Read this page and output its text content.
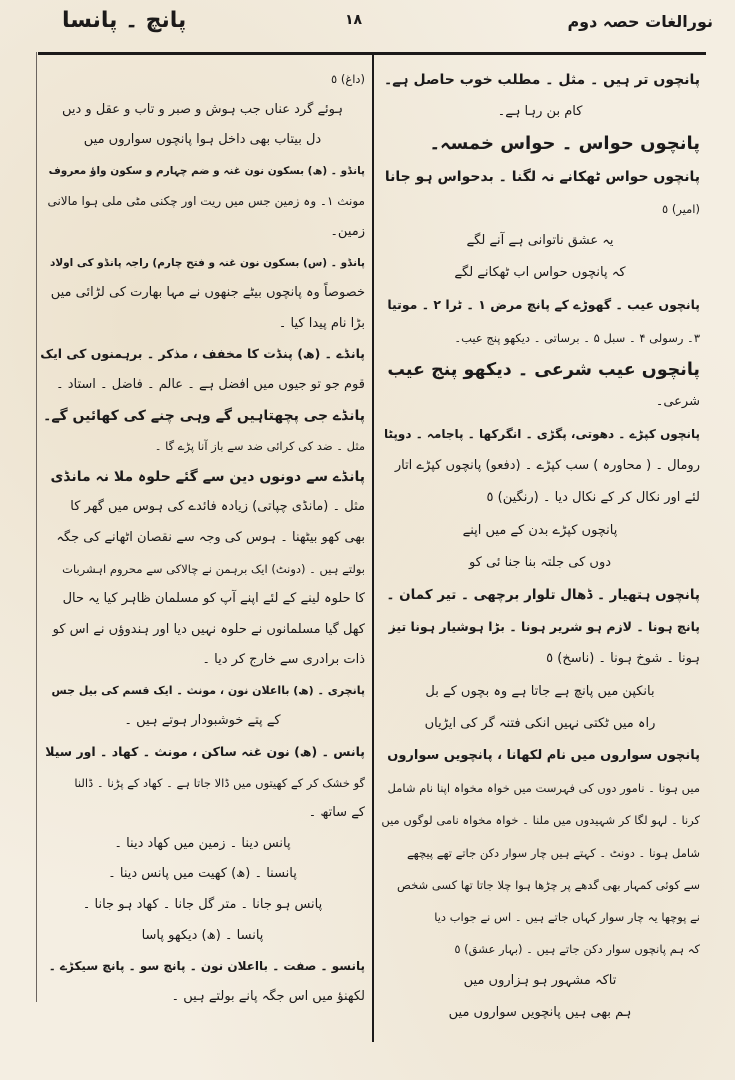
پانچ ۔ پانسا	۱۸	نورالغات حصہ دوم
پانچوں تر ہیں ۔ مثل ۔ مطلب خوب حاصل ہے۔
کام بن رہا ہے۔
پانچوں حواس ۔ حواس خمسہ۔
پانچوں حواس ٹھکانے نہ لگنا ۔ بدحواس ہو جانا
(امیر) ٥
یہ عشق ناتوانی ہے آنے لگے
کہ پانچوں حواس اب ٹھکانے لگے
پانچوں عیب ۔ گھوڑے کے پانچ مرض ۱ ۔ ٹرا ۲ ۔ موتیا
۳۔ رسولی ۴ ۔ سبل ۵ ۔ برساتی ۔ دیکھو پنج عیب۔
پانچوں عیب شرعی ۔ دیکھو پنج عیب
شرعی۔
پانچوں کپڑے ۔ دھوتی، پگڑی ۔ انگرکھا ۔ پاجامہ ۔ دوپٹا
رومال ۔ ( محاورہ ) سب کپڑے ۔ (دفعو) پانچوں کپڑے اتار
لئے اور نکال کر کے نکال دیا ۔ (رنگین) ٥
پانچوں کپڑے بدن کے میں اپنے
دوں کی جلتہ بنا جنا ئی کو
پانچوں ہتھیار ۔ ڈھال تلوار برچھی ۔ تیر کمان ۔
پانچ ہونا ۔ لازم ہو شریر ہونا ۔ بڑا ہوشیار ہونا تیز
ہونا ۔ شوخ ہونا ۔ (ناسخ) ٥
بانکپن میں پانچ ہے جاتا ہے وہ بچوں کے بل
راہ میں ٹکتی نہیں انکی فتنہ گر کی ایڑیاں
پانچوں سواروں میں نام لکھانا ، پانچویں سواروں
میں ہونا ۔ نامور دوں کی فہرست میں خواہ مخواہ اپنا نام شامل
کرنا ۔ لہو لگا کر شہیدوں میں ملنا ۔ خواہ مخواہ نامی لوگوں میں
شامل ہونا ۔ دونٹ ۔ کہتے ہیں چار سوار دکن جاتے تھے پیچھے
سے کوئی کمہار بھی گدھے پر چڑھا ہوا چلا جاتا تھا کسی شخص
نے پوچھا یہ چار سوار کہاں جاتے ہیں ۔ اس نے جواب دیا
کہ ہم پانچوں سوار دکن جاتے ہیں ۔ (بہار عشق) ٥
تاکہ مشہور ہو ہزاروں میں
ہم بھی ہیں پانچویں سواروں میں
(داغ) ٥
ہوئے گرد عناں جب ہوش و صبر و تاب و عقل و دیں
دل بیتاب بھی داخل ہوا پانچوں سواروں میں
پانڈو ۔ (ھ) بسکون نون غنہ و ضم چہارم و سکون واؤ معروف
مونث ۱۔ وہ زمین جس میں ریت اور چکنی مٹی ملی ہوا مالانی
زمین۔
پانڈو ۔ (س) بسکون نون غنہ و فتح چارم) راجہ پانڈو کی اولاد
خصوصاً وہ پانچوں بیٹے جنھوں نے مہا بھارت کی لڑائی میں
بڑا نام پیدا کیا ۔
پانڈے ۔ (ھ) پنڈت کا مخفف ، مذکر ۔ برہمنوں کی ایک
قوم جو تو جیوں میں افضل ہے ۔ عالم ۔ فاضل ۔ استاد ۔
پانڈے جی پچھتاہیں گے وہی چنے کی کھائیں گے۔
مثل ۔ ضد کی کرائی ضد سے باز آنا پڑے گا ۔
پانڈے سے دونوں دین سے گئے حلوہ ملا نہ مانڈی
مثل ۔ (مانڈی چپاتی) زیادہ فائدے کی ہوس میں گھر کا
بھی کھو بیٹھنا ۔ ہوس کی وجہ سے نقصان اٹھانے کی جگہ
بولتے ہیں ۔ (دونٹ) ایک برہمن نے چالاکی سے محروم اہشربات
کا حلوہ لینے کے لئے اپنے آپ کو مسلمان ظاہر کیا یہ حال
کھل گیا مسلمانوں نے حلوہ نہیں دیا اور ہندوؤں نے اس کو
ذات برادری سے خارج کر دیا ۔
پانچری ۔ (ھ) بااعلان نون ، مونث ۔ ایک قسم کی بیل جس
کے پتے خوشبودار ہوتے ہیں ۔
پانس ۔ (ھ) نون غنہ ساکن ، مونث ۔ کھاد ۔ اور سیلا
گو خشک کر کے کھیتوں میں ڈالا جاتا ہے ۔ کھاد کے پڑنا ۔ ڈالنا
کے ساتھ ۔
پانس دینا ۔ زمین میں کھاد دینا ۔
پانسنا ۔ (ھ) کھیت میں پانس دینا ۔
پانس ہو جانا ۔ متر گل جانا ۔ کھاد ہو جانا ۔
پانسا ۔ (ھ) دیکھو پاسا
پانسو ۔ صفت ۔ بااعلان نون ۔ پانچ سو ۔ پانچ سیکڑے ۔
لکھنؤ میں اس جگہ پانے بولتے ہیں ۔
